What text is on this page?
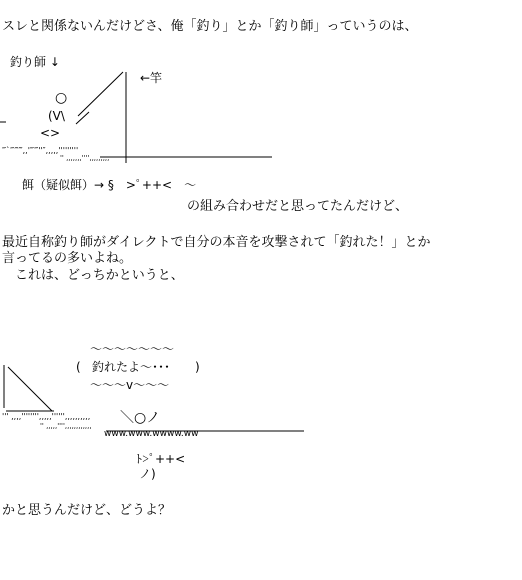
スレと関係ないんだけどさ、俺「釣り」とか「釣り師」っていうのは、
釣り師 ↓
←竿
○
(V\
<>
‴`‴‴‴,,'‴‴''″,,,,,'''''''''
'' ,,,,,,,'''',,,,,,,,,
餌（疑似餌）→ §　>ﾟ++<　～
の組み合わせだと思ってたんだけど、
最近自称釣り師がダイレクトで自分の本音を攻撃されて「釣れた！」とか
言ってるの多いよね。
　これは、どっちかというと、
～～～～～～～
( 釣れたよ～･･･ )
～～～v～～～
''' ,,,,'''''''',,,,,'''''',,,,,,,,,,
'' ,,,,,'''',,,,,,,,,,,,
www.www.wwww.ww
＼○ノ
ﾄ>ﾟ++<
ノ)
かと思うんだけど、どうよ？
